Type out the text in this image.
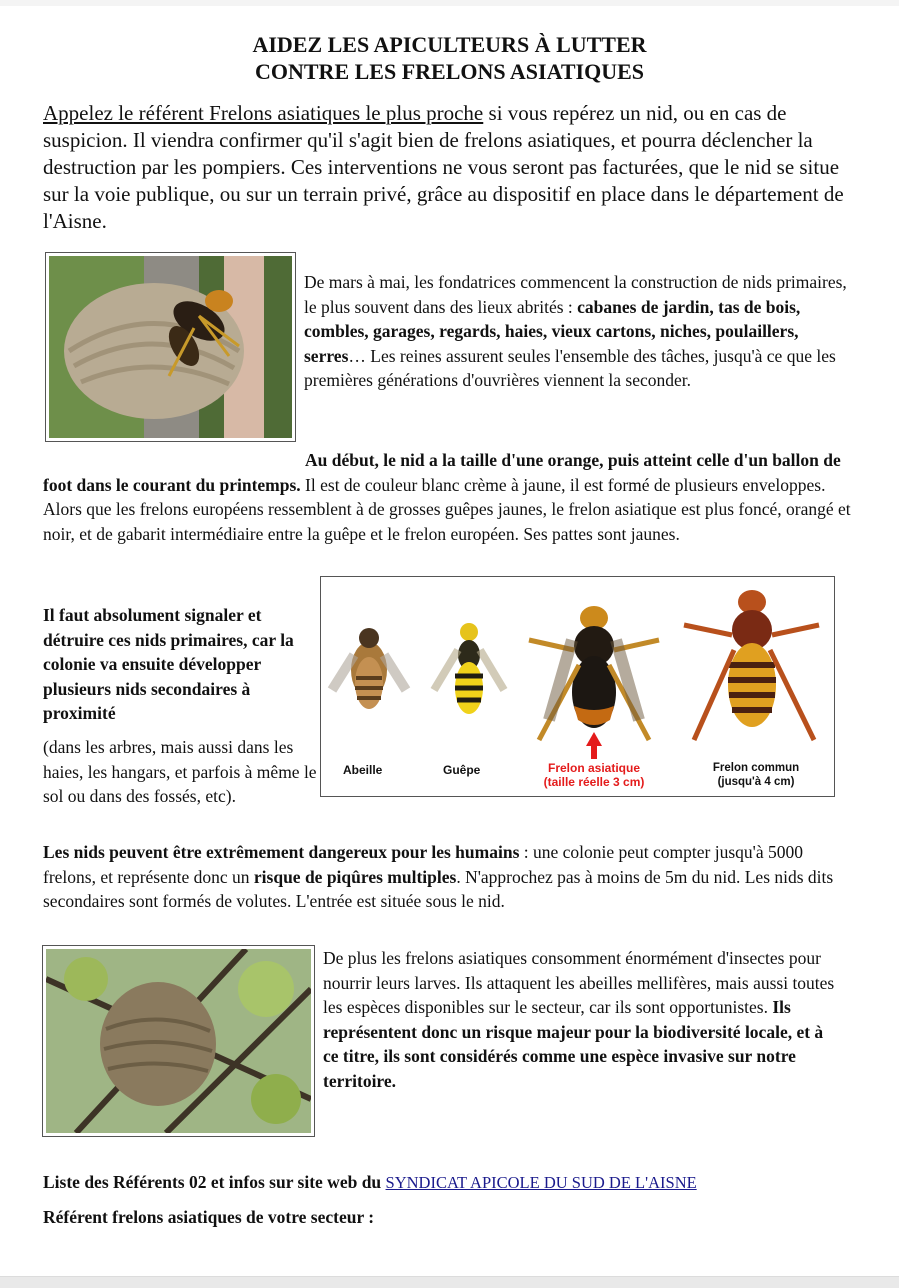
AIDEZ LES APICULTEURS À LUTTER
CONTRE LES FRELONS ASIATIQUES
Appelez le référent Frelons asiatiques le plus proche si vous repérez un nid, ou en cas de suspicion. Il viendra confirmer qu'il s'agit bien de frelons asiatiques, et pourra déclencher la destruction par les pompiers. Ces interventions ne vous seront pas facturées, que le nid se situe sur la voie publique, ou sur un terrain privé, grâce au dispositif en place dans le département de l'Aisne.
De mars à mai, les fondatrices commencent la construction de nids primaires, le plus souvent dans des lieux abrités : cabanes de jardin, tas de bois, combles, garages, regards, haies, vieux cartons, niches, poulaillers, serres… Les reines assurent seules l'ensemble des tâches, jusqu'à ce que les premières générations d'ouvrières viennent la seconder.
Au début, le nid a la taille d'une orange, puis atteint celle d'un ballon de foot dans le courant du printemps. Il est de couleur blanc crème à jaune, il est formé de plusieurs enveloppes. Alors que les frelons européens ressemblent à de grosses guêpes jaunes, le frelon asiatique est plus foncé, orangé et noir, et de gabarit intermédiaire entre la guêpe et le frelon européen. Ses pattes sont jaunes.
Abeille	Guêpe	Frelon asiatique
(taille réelle 3 cm)
Frelon commun
(jusqu'à 4 cm)
Il faut absolument signaler et détruire ces nids primaires, car la colonie va ensuite développer plusieurs nids secondaires à proximité
(dans les arbres, mais aussi dans les haies, les hangars, et parfois à même le sol ou dans des fossés, etc).
Les nids peuvent être extrêmement dangereux pour les humains : une colonie peut compter jusqu'à 5000 frelons, et représente donc un risque de piqûres multiples. N'approchez pas à moins de 5m du nid. Les nids dits secondaires sont formés de volutes. L'entrée est située sous le nid.
De plus les frelons asiatiques consomment énormément d'insectes pour nourrir leurs larves. Ils attaquent les abeilles mellifères, mais aussi toutes les espèces disponibles sur le secteur, car ils sont opportunistes. Ils représentent donc un risque majeur pour la biodiversité locale, et à ce titre, ils sont considérés comme une espèce invasive sur notre territoire.
Liste des Référents 02 et infos sur site web du SYNDICAT APICOLE DU SUD DE L'AISNE
Référent frelons asiatiques de votre secteur :
